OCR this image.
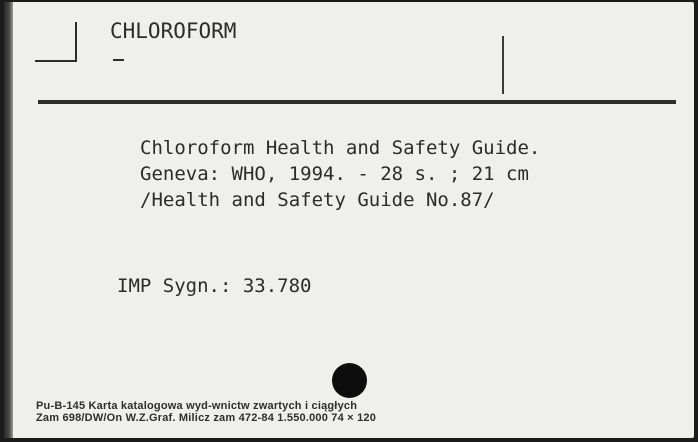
CHLOROFORM
Chloroform Health and Safety Guide.
Geneva: WHO, 1994. - 28 s. ; 21 cm
/Health and Safety Guide No.87/
IMP Sygn.: 33.780
Pu-B-145 Karta katalogowa wyd-wnictw zwartych i ciągłych
Zam 698/DW/On W.Z.Graf. Milicz zam 472-84 1.550.000 74 × 120
